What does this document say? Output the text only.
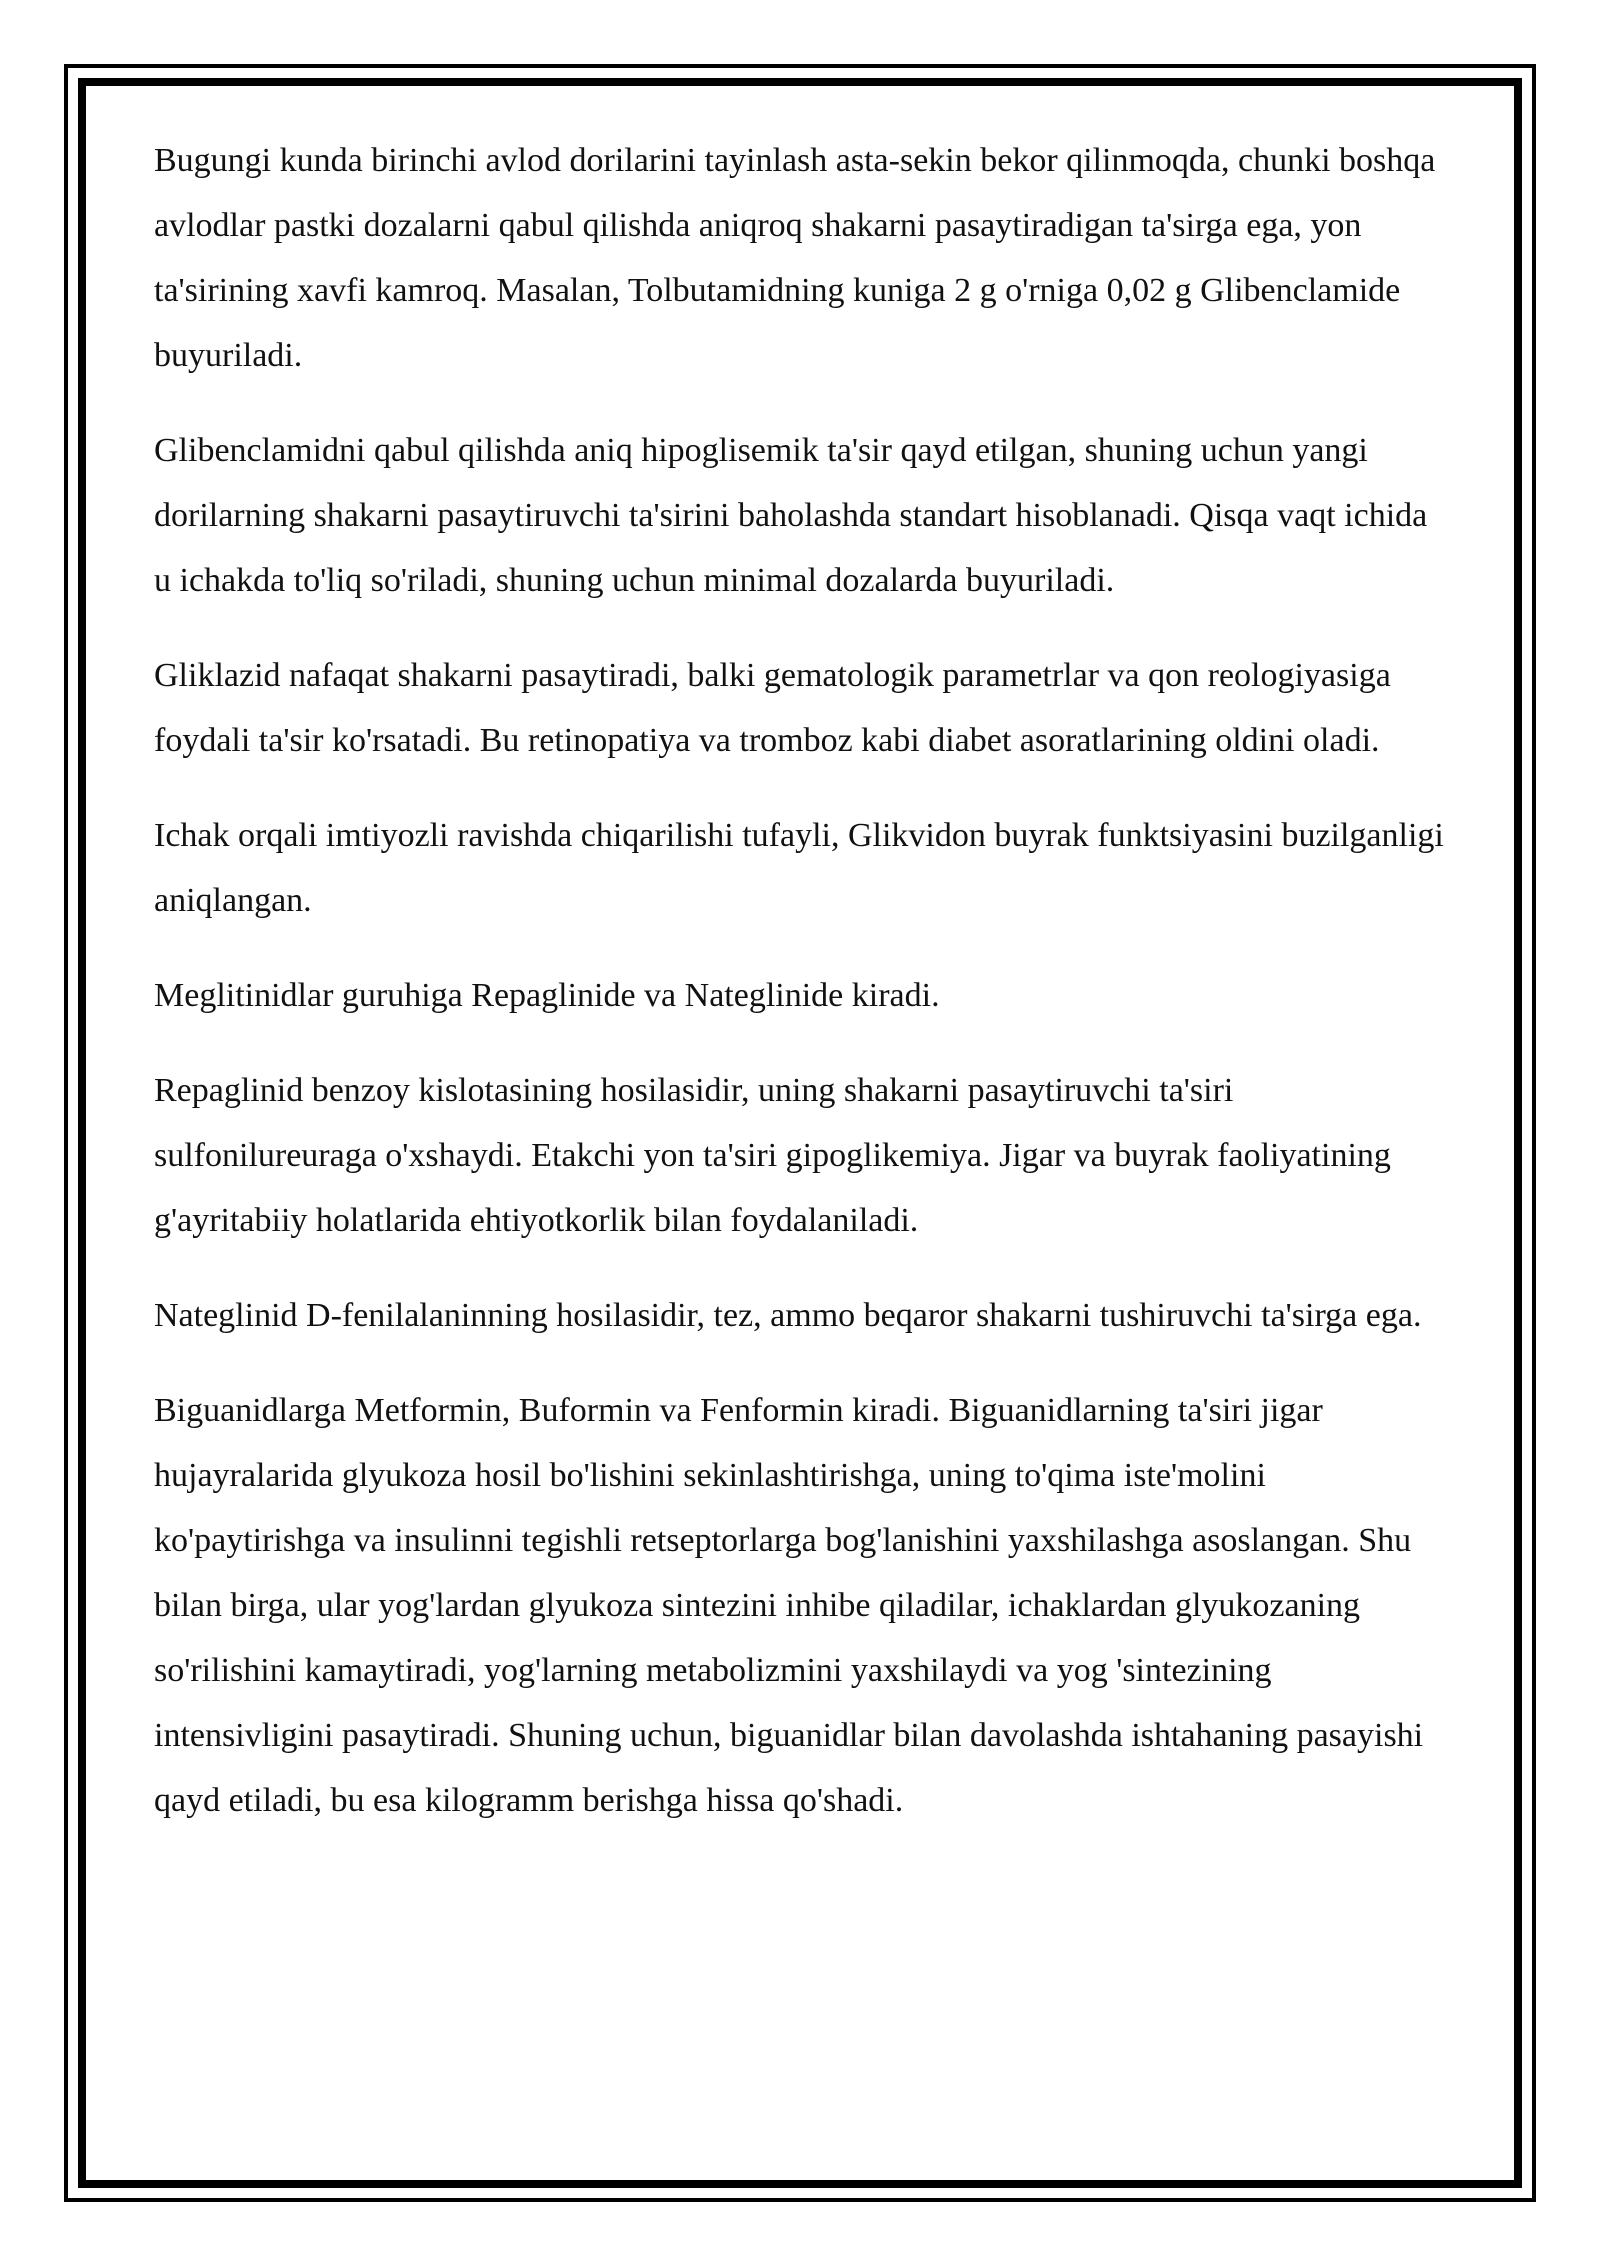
Bugungi kunda birinchi avlod dorilarini tayinlash asta-sekin bekor qilinmoqda, chunki boshqa avlodlar pastki dozalarni qabul qilishda aniqroq shakarni pasaytiradigan ta'sirga ega, yon ta'sirining xavfi kamroq. Masalan, Tolbutamidning kuniga 2 g o'rniga 0,02 g Glibenclamide buyuriladi.

Glibenclamidni qabul qilishda aniq hipoglisemik ta'sir qayd etilgan, shuning uchun yangi dorilarning shakarni pasaytiruvchi ta'sirini baholashda standart hisoblanadi. Qisqa vaqt ichida u ichakda to'liq so'riladi, shuning uchun minimal dozalarda buyuriladi.

Gliklazid nafaqat shakarni pasaytiradi, balki gematologik parametrlar va qon reologiyasiga foydali ta'sir ko'rsatadi. Bu retinopatiya va tromboz kabi diabet asoratlarining oldini oladi.

Ichak orqali imtiyozli ravishda chiqarilishi tufayli, Glikvidon buyrak funktsiyasini buzilganligi aniqlangan.

Meglitinidlar guruhiga Repaglinide va Nateglinide kiradi.

Repaglinid benzoy kislotasining hosilasidir, uning shakarni pasaytiruvchi ta'siri sulfonilureuraga o'xshaydi. Etakchi yon ta'siri gipoglikemiya. Jigar va buyrak faoliyatining g'ayritabiiy holatlarida ehtiyotkorlik bilan foydalaniladi.

Nateglinid D-fenilalaninning hosilasidir, tez, ammo beqaror shakarni tushiruvchi ta'sirga ega.

Biguanidlarga Metformin, Buformin va Fenformin kiradi. Biguanidlarning ta'siri jigar hujayralarida glyukoza hosil bo'lishini sekinlashtirishga, uning to'qima iste'molini ko'paytirishga va insulinni tegishli retseptorlarga bog'lanishini yaxshilashga asoslangan. Shu bilan birga, ular yog'lardan glyukoza sintezini inhibe qiladilar, ichaklardan glyukozaning so'rilishini kamaytiradi, yog'larning metabolizmini yaxshilaydi va yog 'sintezining intensivligini pasaytiradi. Shuning uchun, biguanidlar bilan davolashda ishtahaning pasayishi qayd etiladi, bu esa kilogramm berishga hissa qo'shadi.
